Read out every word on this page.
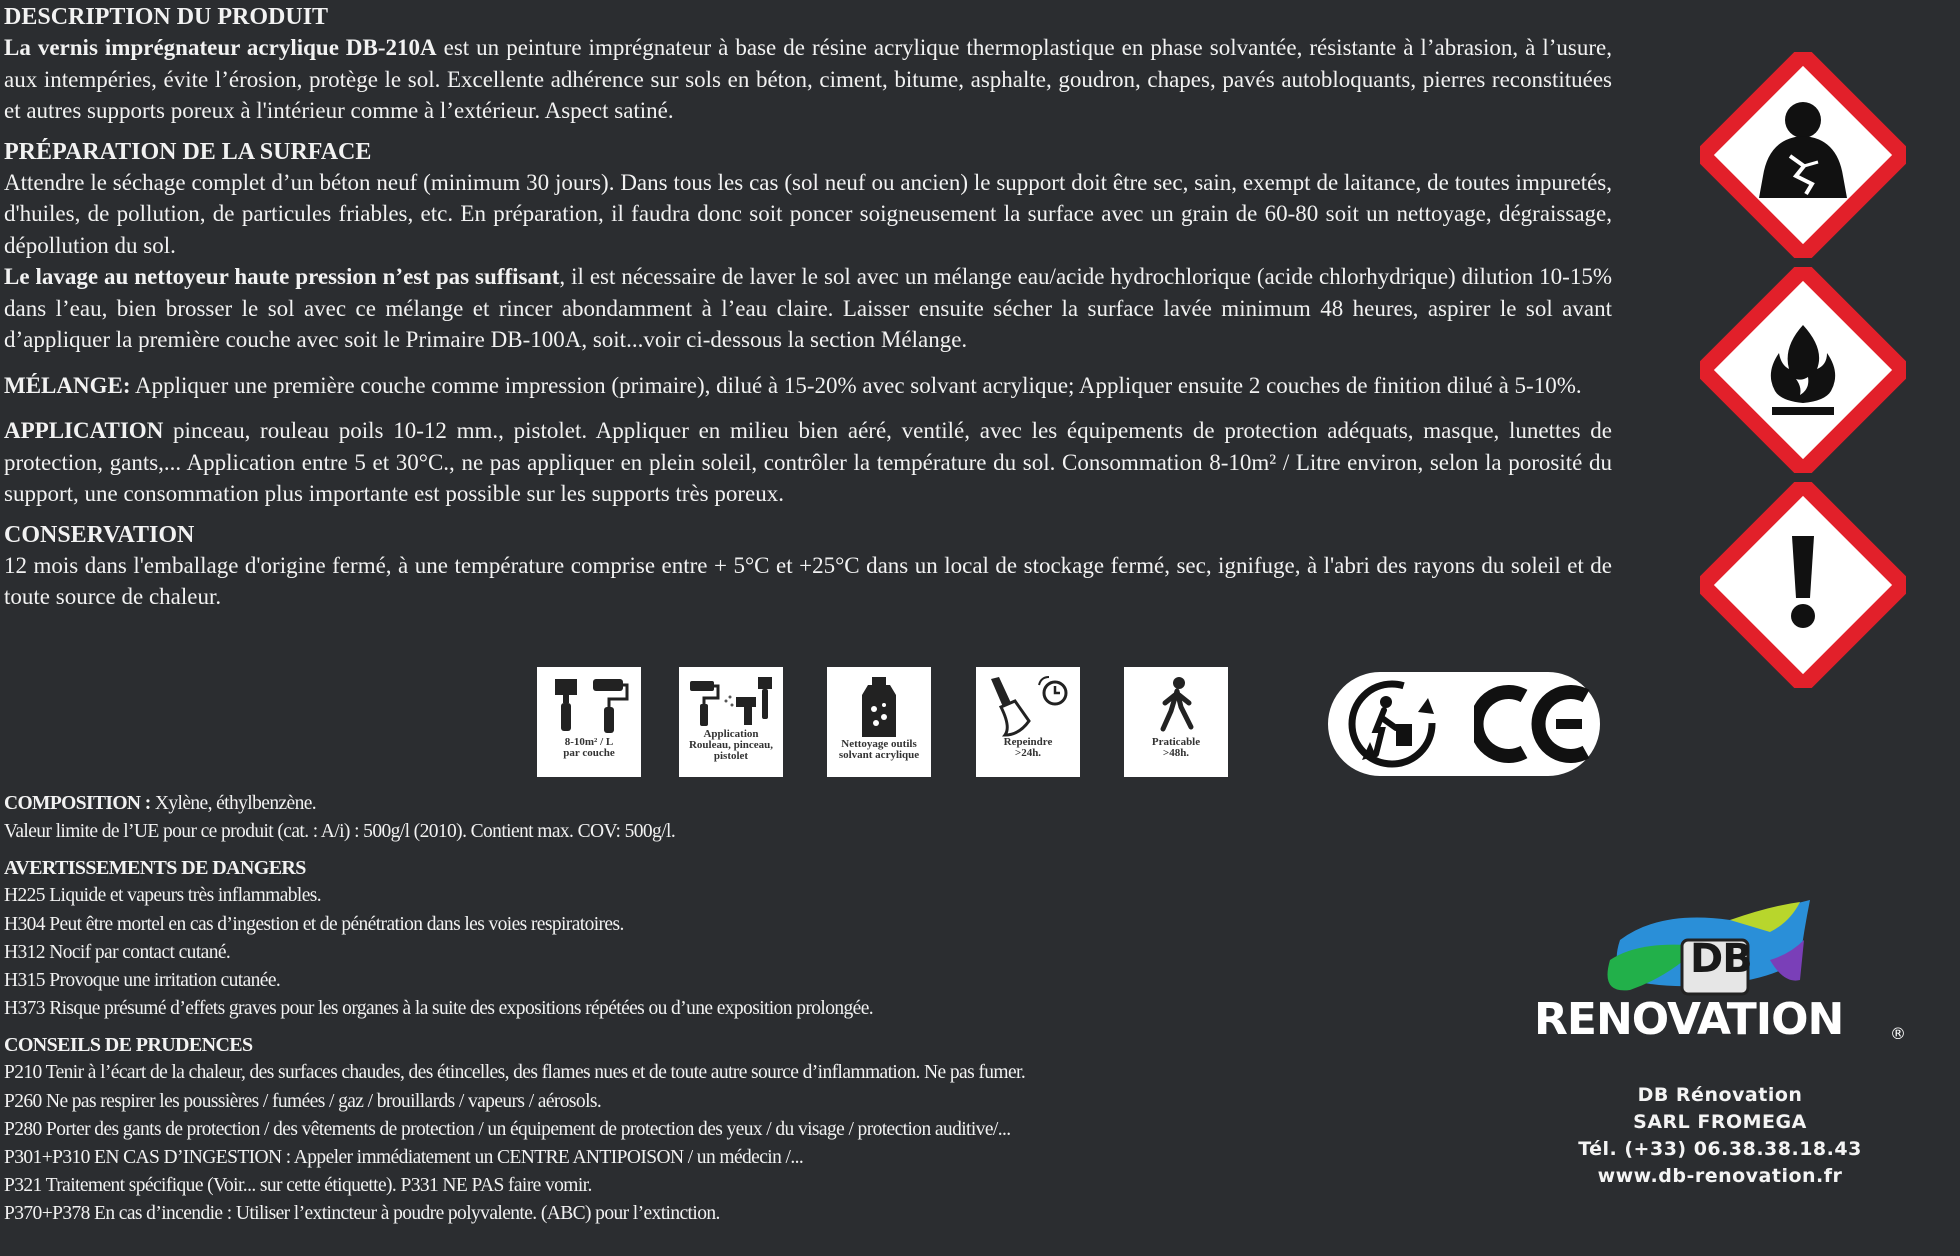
DESCRIPTION DU PRODUIT

La vernis imprégnateur acrylique DB-210A est un peinture imprégnateur à base de résine acrylique thermoplastique en phase solvantée, résistante à l’abrasion, à l’usure, aux intempéries, évite l’érosion, protège le sol. Excellente adhérence sur sols en béton, ciment, bitume, asphalte, goudron, chapes, pavés autobloquants, pierres reconstituées et autres supports poreux à l'intérieur comme à l’extérieur. Aspect satiné.

PRÉPARATION DE LA SURFACE

Attendre le séchage complet d’un béton neuf (minimum 30 jours). Dans tous les cas (sol neuf ou ancien) le support doit être sec, sain, exempt de laitance, de toutes impuretés, d'huiles, de pollution, de particules friables, etc. En préparation, il faudra donc soit poncer soigneusement la surface avec un grain de 60-80 soit un nettoyage, dégraissage, dépollution du sol.

Le lavage au nettoyeur haute pression n’est pas suffisant, il est nécessaire de laver le sol avec un mélange eau/acide hydrochlorique (acide chlorhydrique) dilution 10-15% dans l’eau, bien brosser le sol avec ce mélange et rincer abondamment à l’eau claire. Laisser ensuite sécher la surface lavée minimum 48 heures, aspirer le sol avant d’appliquer la première couche avec soit le Primaire DB-100A, soit...voir ci-dessous la section Mélange.

MÉLANGE: Appliquer une première couche comme impression (primaire), dilué à 15-20% avec solvant acrylique; Appliquer ensuite 2 couches de finition dilué à 5-10%.

APPLICATION pinceau, rouleau poils 10-12 mm., pistolet. Appliquer en milieu bien aéré, ventilé, avec les équipements de protection adéquats, masque, lunettes de protection, gants,... Application entre 5 et 30°C., ne pas appliquer en plein soleil, contrôler la température du sol. Consommation 8-10m² / Litre environ, selon la porosité du support, une consommation plus importante est possible sur les supports très poreux.

CONSERVATION

12 mois dans l'emballage d'origine fermé, à une température comprise entre + 5°C et +25°C dans un local de stockage fermé, sec, ignifuge, à l'abri des rayons du soleil et de toute source de chaleur.

8-10m² / L
par couche
Application
Rouleau, pinceau,
pistolet
Nettoyage outils
solvant acrylique
Repeindre
>24h.
Praticable
>48h.

COMPOSITION : Xylène, éthylbenzène.

Valeur limite de l’UE pour ce produit (cat. : A/i) : 500g/l (2010). Contient max. COV: 500g/l.

AVERTISSEMENTS DE DANGERS

H225 Liquide et vapeurs très inflammables.

H304 Peut être mortel en cas d’ingestion et de pénétration dans les voies respiratoires.

H312 Nocif par contact cutané.

H315 Provoque une irritation cutanée.

H373 Risque présumé d’effets graves pour les organes à la suite des expositions répétées ou d’une exposition prolongée.

CONSEILS DE PRUDENCES

P210 Tenir à l’écart de la chaleur, des surfaces chaudes, des étincelles, des flames nues et de toute autre source d’inflammation. Ne pas fumer.

P260 Ne pas respirer les poussières / fumées / gaz / brouillards / vapeurs / aérosols.

P280 Porter des gants de protection / des vêtements de protection / un équipement de protection des yeux / du visage / protection auditive/...

P301+P310 EN CAS D’INGESTION : Appeler immédiatement un CENTRE ANTIPOISON / un médecin /...

P321 Traitement spécifique (Voir... sur cette étiquette). P331 NE PAS faire vomir.

P370+P378 En cas d’incendie : Utiliser l’extincteur à poudre polyvalente. (ABC) pour l’extinction.

DB
RENOVATION	®
DB Rénovation
SARL FROMEGA
Tél. (+33) 06.38.38.18.43
www.db-renovation.fr
